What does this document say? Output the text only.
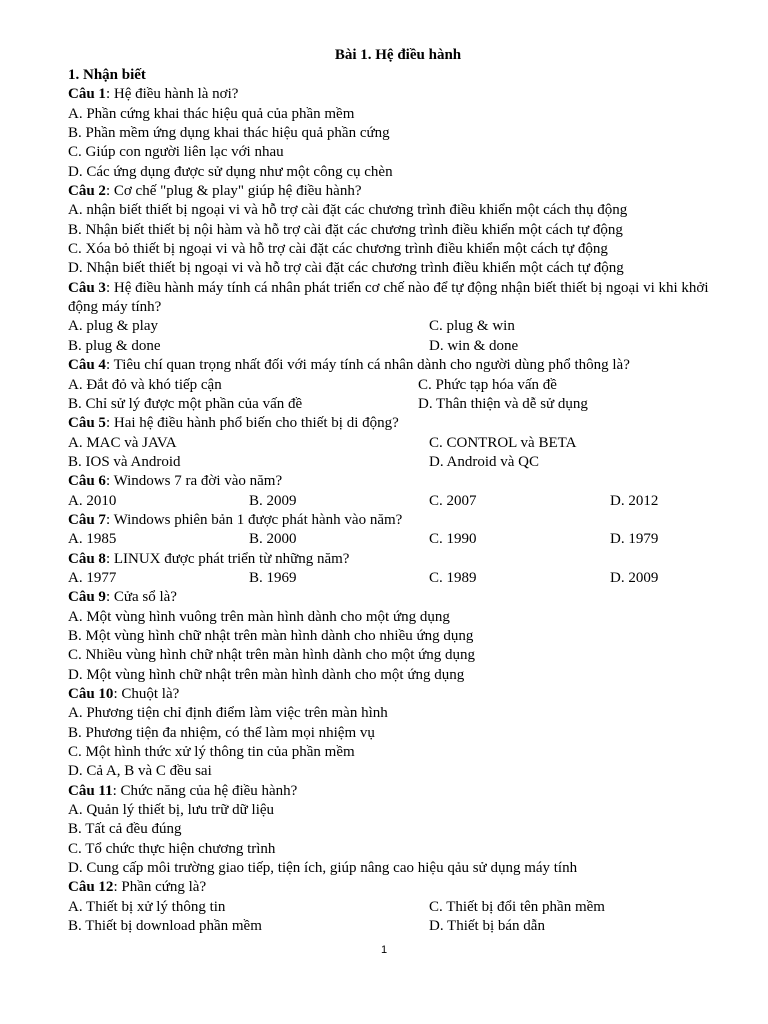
Bài 1. Hệ điều hành
1. Nhận biết
Câu 1: Hệ điều hành là nơi?
A. Phần cứng khai thác hiệu quả của phần mềm
B. Phần mềm ứng dụng khai thác hiệu quả phần cứng
C. Giúp con người liên lạc với nhau
D. Các ứng dụng được sử dụng như một công cụ chèn
Câu 2: Cơ chế "plug & play" giúp hệ điều hành?
A. nhận biết thiết bị ngoại vi và hỗ trợ cài đặt các chương trình điều khiển một cách thụ động
B. Nhận biết thiết bị nội hàm và hỗ trợ cài đặt các chương trình điều khiển một cách tự động
C. Xóa bỏ thiết bị ngoại vi và hỗ trợ cài đặt các chương trình điều khiển một cách tự động
D. Nhận biết thiết bị ngoại vi và hỗ trợ cài đặt các chương trình điều khiển một cách tự động
Câu 3: Hệ điều hành máy tính cá nhân phát triển cơ chế nào để tự động nhận biết thiết bị ngoại vi khi khởi động máy tính?
A. plug & play	C. plug & win
B. plug & done	D. win & done
Câu 4: Tiêu chí quan trọng nhất đối với máy tính cá nhân dành cho người dùng phổ thông là?
A. Đắt đỏ và khó tiếp cận	C. Phức tạp hóa vấn đề
B. Chỉ sử lý được một phần của vấn đề	D. Thân thiện và dễ sử dụng
Câu 5: Hai hệ điều hành phổ biến cho thiết bị di động?
A. MAC và JAVA	C. CONTROL và BETA
B. IOS và Android	D. Android và QC
Câu 6: Windows 7 ra đời vào năm?
A. 2010	B. 2009	C. 2007	D. 2012
Câu 7: Windows phiên bản 1 được phát hành vào năm?
A. 1985	B. 2000	C. 1990	D. 1979
Câu 8: LINUX được phát triển từ những năm?
A. 1977	B. 1969	C. 1989	D. 2009
Câu 9: Cửa sổ là?
A. Một vùng hình vuông trên màn hình dành cho một ứng dụng
B. Một vùng hình chữ nhật trên màn hình dành cho nhiều ứng dụng
C. Nhiều vùng hình chữ nhật trên màn hình dành cho một ứng dụng
D. Một vùng hình chữ nhật trên màn hình dành cho một ứng dụng
Câu 10: Chuột là?
A. Phương tiện chỉ định điểm làm việc trên màn hình
B. Phương tiện đa nhiệm, có thể làm mọi nhiệm vụ
C. Một hình thức xử lý thông tin của phần mềm
D. Cả A, B và C đều sai
Câu 11: Chức năng của hệ điều hành?
A. Quản lý thiết bị, lưu trữ dữ liệu
B. Tất cả đều đúng
C. Tổ chức thực hiện chương trình
D. Cung cấp môi trường giao tiếp, tiện ích, giúp nâng cao hiệu qảu sử dụng máy tính
Câu 12: Phần cứng là?
A. Thiết bị xử lý thông tin	C. Thiết bị đổi tên phần mềm
B. Thiết bị download phần mềm	D. Thiết bị bán dẫn
1
